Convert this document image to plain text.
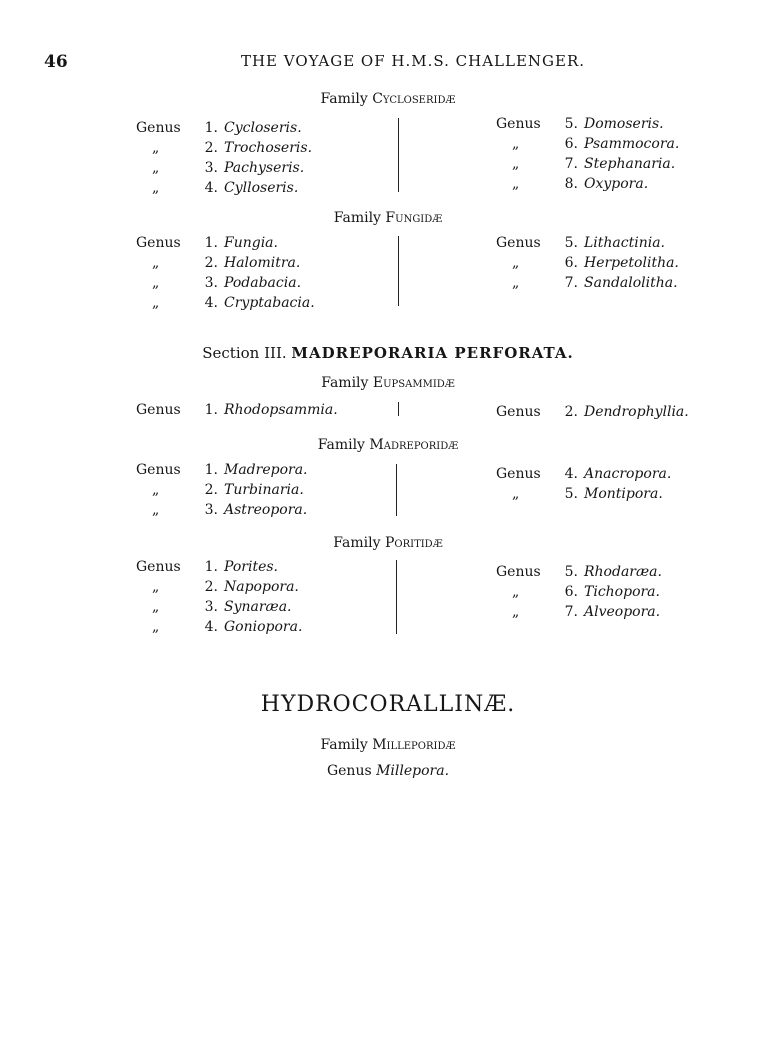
46	THE VOYAGE OF H.M.S. CHALLENGER.
Family Cycloseridæ
Genus 1. Cycloseris.
„	2. Trochoseris.
„	3. Pachyseris.
„	4. Cylloseris.
Genus 5. Domoseris.
„	6. Psammocora.
„	7. Stephanaria.
„	8. Oxypora.
Family Fungidæ
Genus 1. Fungia.
„	2. Halomitra.
„	3. Podabacia.
„	4. Cryptabacia.
Genus 5. Lithactinia.
„	6. Herpetolitha.
„	7. Sandalolitha.
Section III. MADREPORARIA PERFORATA.
Family Eupsammidæ
Genus 1. Rhodopsammia.	Genus 2. Dendrophyllia.
Family Madreporidæ
Genus 1. Madrepora.
„	2. Turbinaria.
„	3. Astreopora.
Genus 4. Anacropora.
„	5. Montipora.
Family Poritidæ
Genus 1. Porites.
„	2. Napopora.
„	3. Synaræa.
„	4. Goniopora.
Genus 5. Rhodaræa.
„	6. Tichopora.
„	7. Alveopora.
HYDROCORALLINÆ.
Family Milleporidæ
Genus Millepora.
